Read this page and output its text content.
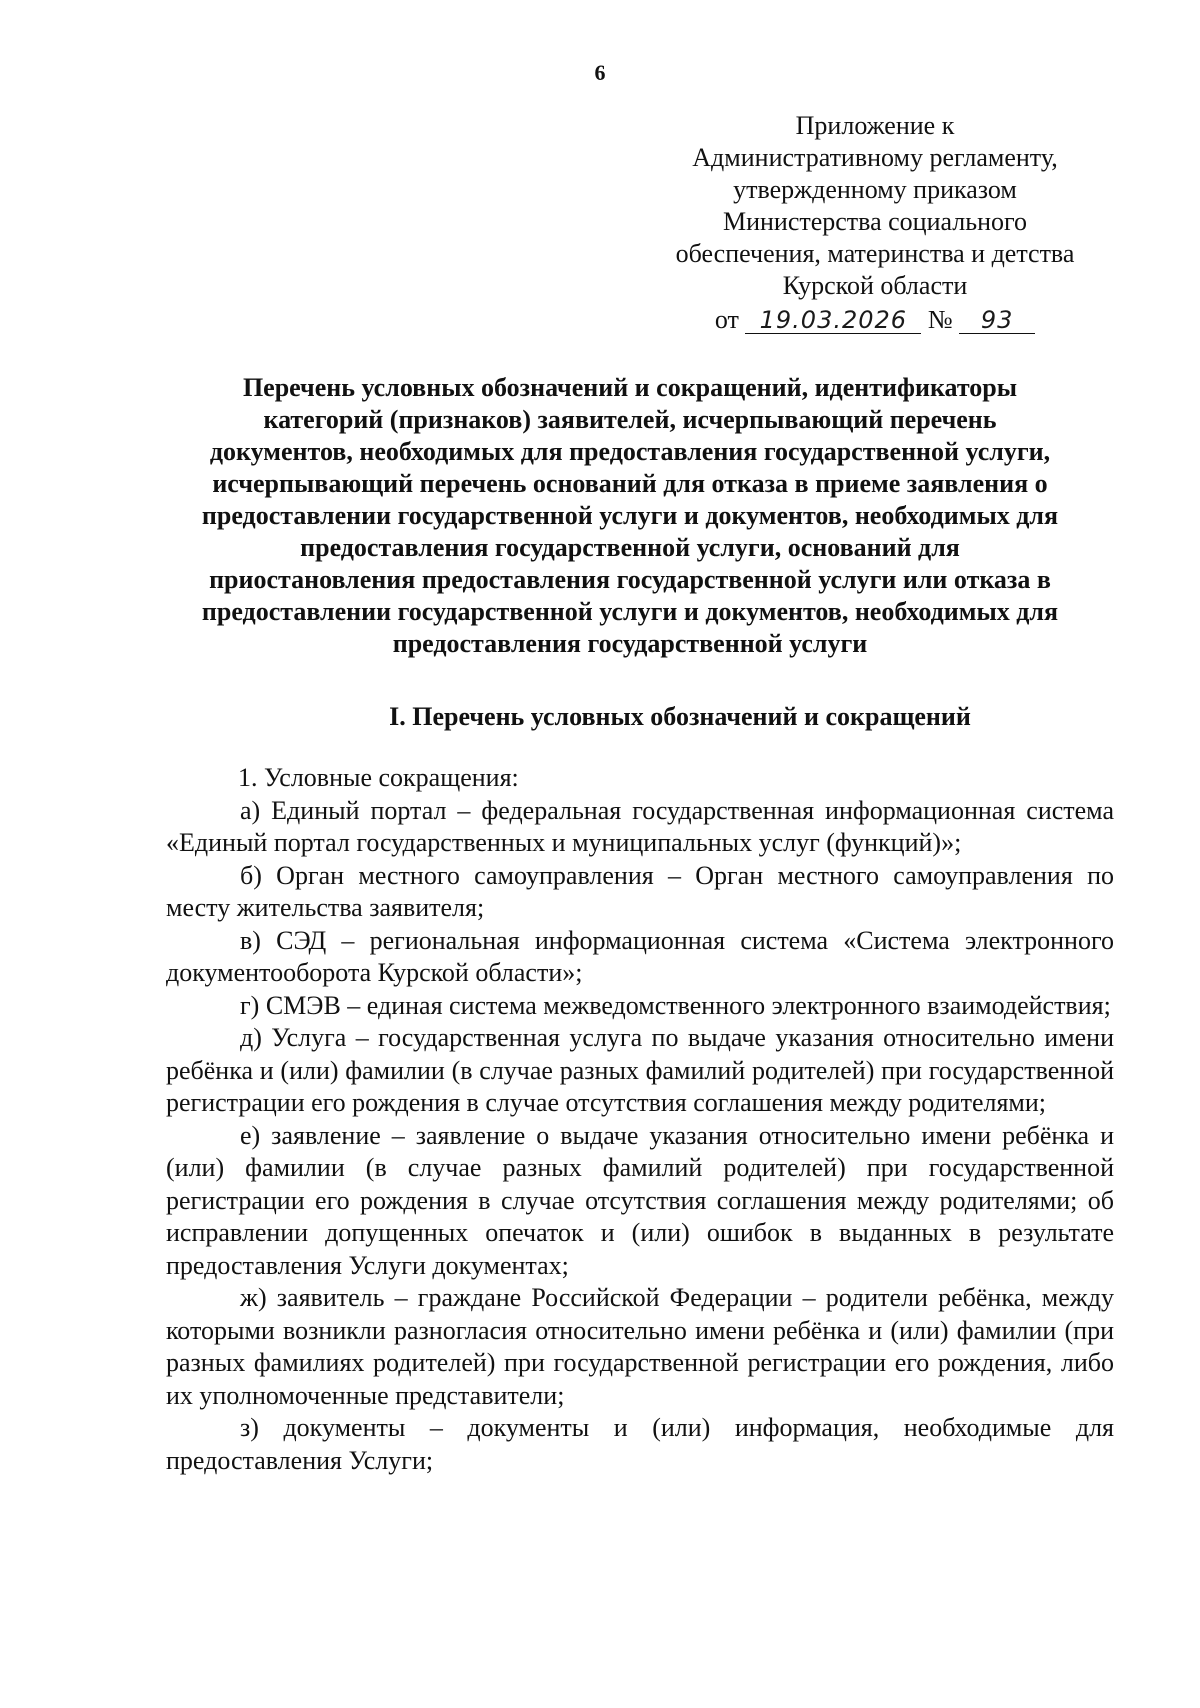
6
Приложение к
Административному регламенту,
утвержденному приказом
Министерства социального
обеспечения, материнства и детства
Курской области
от 19.03.2026 № 93
Перечень условных обозначений и сокращений, идентификаторы
категорий (признаков) заявителей, исчерпывающий перечень
документов, необходимых для предоставления государственной услуги,
исчерпывающий перечень оснований для отказа в приеме заявления о
предоставлении государственной услуги и документов, необходимых для
предоставления государственной услуги, оснований для
приостановления предоставления государственной услуги или отказа в
предоставлении государственной услуги и документов, необходимых для
предоставления государственной услуги
I. Перечень условных обозначений и сокращений

1. Условные сокращения:

а) Единый портал – федеральная государственная информационная система «Единый портал государственных и муниципальных услуг (функций)»;

б) Орган местного самоуправления – Орган местного самоуправления по месту жительства заявителя;

в) СЭД – региональная информационная система «Система электронного документооборота Курской области»;

г) СМЭВ – единая система межведомственного электронного взаимодействия;

д) Услуга – государственная услуга по выдаче указания относительно имени ребёнка и (или) фамилии (в случае разных фамилий родителей) при государственной регистрации его рождения в случае отсутствия соглашения между родителями;

е) заявление – заявление о выдаче указания относительно имени ребёнка и (или) фамилии (в случае разных фамилий родителей) при государственной регистрации его рождения в случае отсутствия соглашения между родителями; об исправлении допущенных опечаток и (или) ошибок в выданных в результате предоставления Услуги документах;

ж) заявитель – граждане Российской Федерации – родители ребёнка, между которыми возникли разногласия относительно имени ребёнка и (или) фамилии (при разных фамилиях родителей) при государственной регистрации его рождения, либо их уполномоченные представители;

з) документы – документы и (или) информация, необходимые для предоставления Услуги;
